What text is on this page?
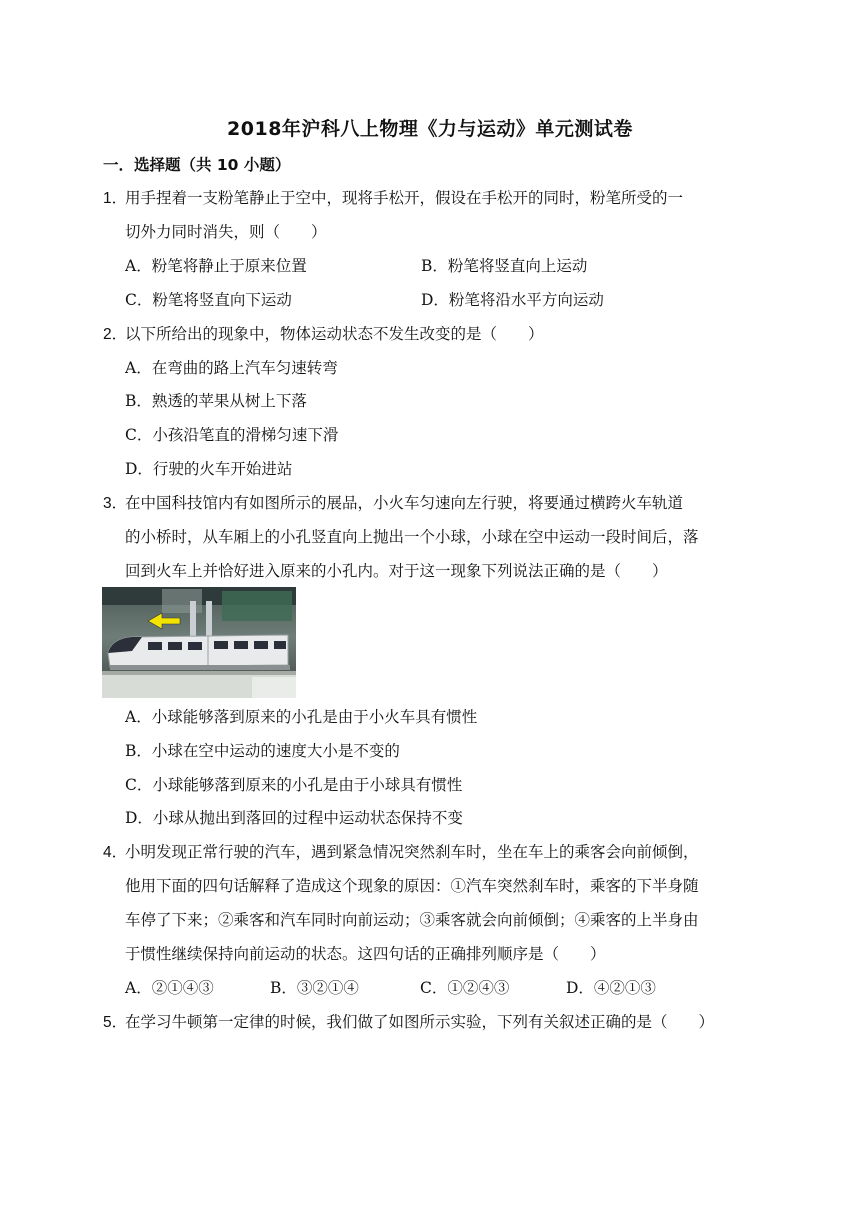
2018年沪科八上物理《力与运动》单元测试卷
一．选择题（共 10 小题）
1．用手捏着一支粉笔静止于空中，现将手松开，假设在手松开的同时，粉笔所受的一
切外力同时消失，则（　　）
A．粉笔将静止于原来位置	B．粉笔将竖直向上运动
C．粉笔将竖直向下运动	D．粉笔将沿水平方向运动
2．以下所给出的现象中，物体运动状态不发生改变的是（　　）
A．在弯曲的路上汽车匀速转弯
B．熟透的苹果从树上下落
C．小孩沿笔直的滑梯匀速下滑
D．行驶的火车开始进站
3．在中国科技馆内有如图所示的展品，小火车匀速向左行驶，将要通过横跨火车轨道
的小桥时，从车厢上的小孔竖直向上抛出一个小球，小球在空中运动一段时间后，落
回到火车上并恰好进入原来的小孔内。对于这一现象下列说法正确的是（　　）
A．小球能够落到原来的小孔是由于小火车具有惯性
B．小球在空中运动的速度大小是不变的
C．小球能够落到原来的小孔是由于小球具有惯性
D．小球从抛出到落回的过程中运动状态保持不变
4．小明发现正常行驶的汽车，遇到紧急情况突然刹车时，坐在车上的乘客会向前倾倒，
他用下面的四句话解释了造成这个现象的原因：①汽车突然刹车时，乘客的下半身随
车停了下来；②乘客和汽车同时向前运动；③乘客就会向前倾倒；④乘客的上半身由
于惯性继续保持向前运动的状态。这四句话的正确排列顺序是（　　）
A．②①④③	B．③②①④	C．①②④③	D．④②①③
5．在学习牛顿第一定律的时候，我们做了如图所示实验，下列有关叙述正确的是（　　）
